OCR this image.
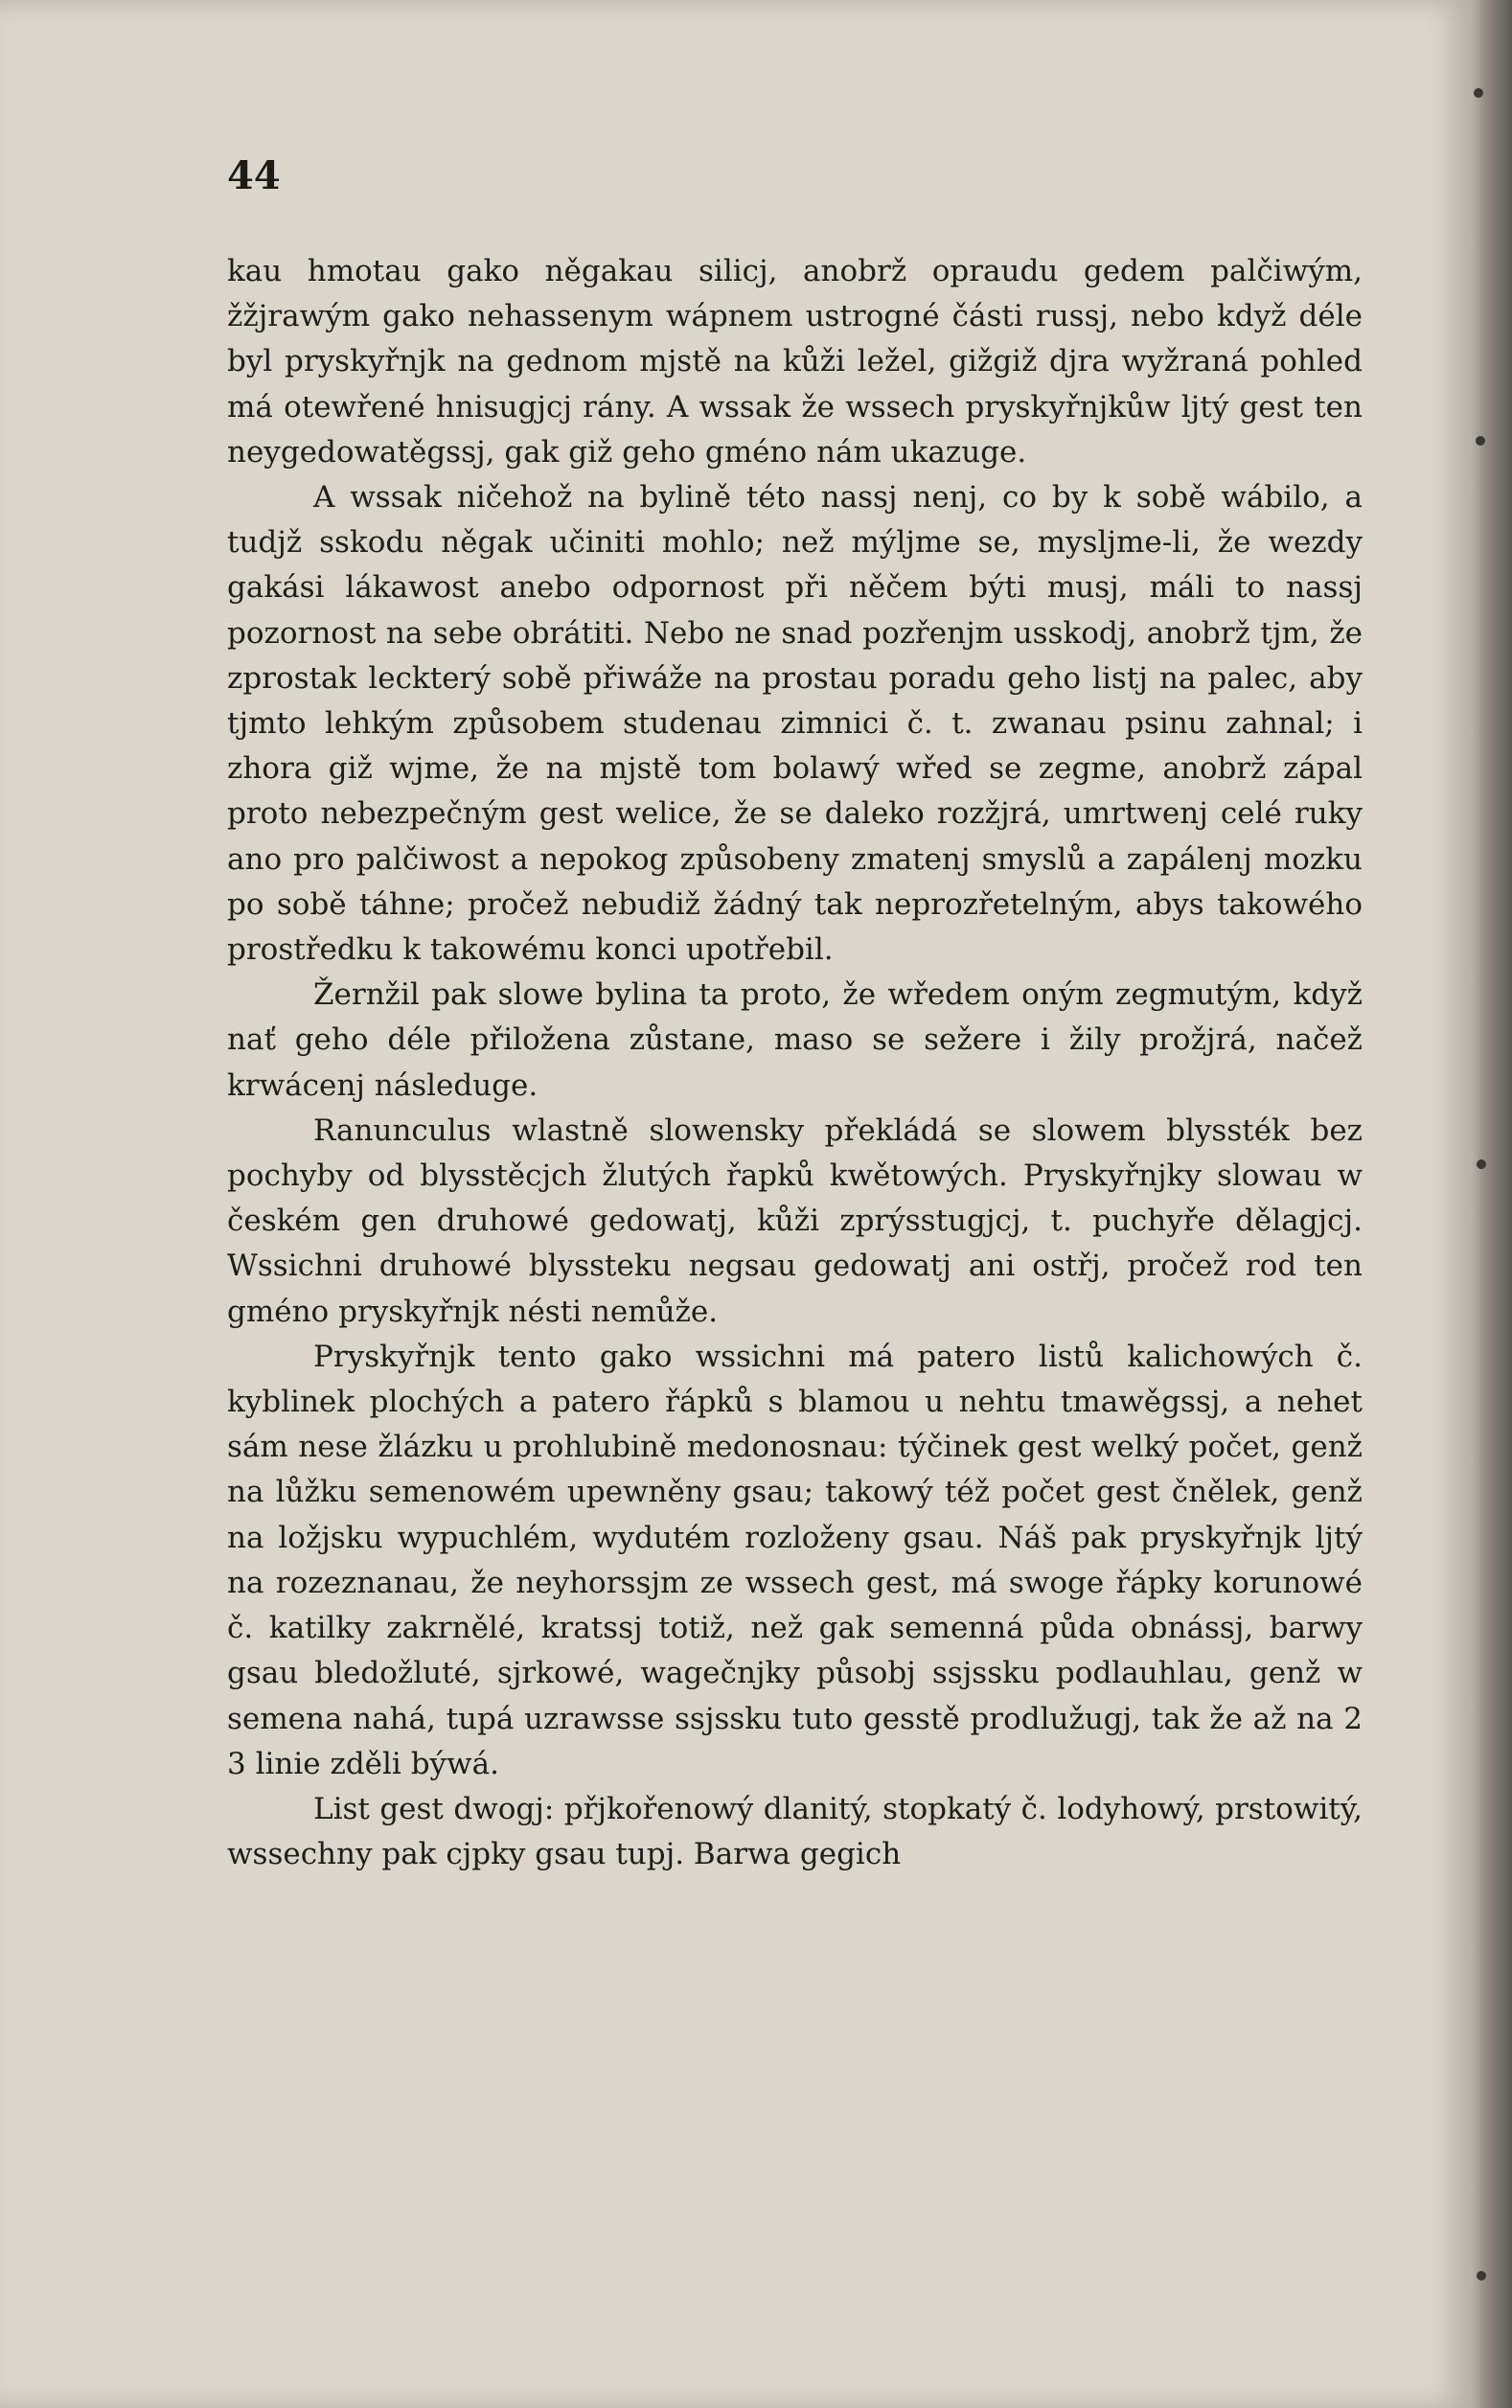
44

kau hmotau gako něgakau silicj, anobrž opraudu gedem palčiwým, žžjrawým gako nehassenym wápnem ustrogné části russj, nebo když déle byl pryskyřnjk na gednom mjstě na kůži ležel, gižgiž djra wyžraná pohled má otewřené hnisugjcj rány. A wssak že wssech pryskyřnjkůw ljtý gest ten neygedowatěgssj, gak giž geho gméno nám ukazuge.

A wssak ničehož na bylině této nassj nenj, co by k sobě wábilo, a tudjž sskodu něgak učiniti mohlo; než mýljme se, mysljme-li, že wezdy gakási lákawost anebo odpornost při něčem býti musj, máli to nassj pozornost na sebe obrátiti. Nebo ne snad pozřenjm usskodj, anobrž tjm, že zprostak leckterý sobě přiwáže na prostau poradu geho listj na palec, aby tjmto lehkým způsobem studenau zimnici č. t. zwanau psinu zahnal; i zhora giž wjme, že na mjstě tom bolawý wřed se zegme, anobrž zápal proto nebezpečným gest welice, že se daleko rozžjrá, umrtwenj celé ruky ano pro palčiwost a nepokog způsobeny zmatenj smyslů a zapálenj mozku po sobě táhne; pročež nebudiž žádný tak neprozřetelným, abys takowého prostředku k takowému konci upotřebil.

Žernžil pak slowe bylina ta proto, že wředem oným zegmutým, když nať geho déle přiložena zůstane, maso se sežere i žily prožjrá, načež krwácenj následuge.

Ranunculus wlastně slowensky překládá se slowem blyssték bez pochyby od blysstěcjch žlutých řapků kwětowých. Pryskyřnjky slowau w českém gen druhowé gedowatj, kůži zprýsstugjcj, t. puchyře dělagjcj. Wssichni druhowé blyssteku negsau gedowatj ani ostřj, pročež rod ten gméno pryskyřnjk nésti nemůže.

Pryskyřnjk tento gako wssichni má patero listů kalichowých č. kyblinek plochých a patero řápků s blamou u nehtu tmawěgssj, a nehet sám nese žlázku u prohlubině medonosnau: týčinek gest welký počet, genž na lůžku semenowém upewněny gsau; takowý též počet gest čnělek, genž na ložjsku wypuchlém, wydutém rozloženy gsau. Náš pak pryskyřnjk ljtý na rozeznanau, že neyhorssjm ze wssech gest, má swoge řápky korunowé č. katilky zakrnělé, kratssj totiž, než gak semenná půda obnássj, barwy gsau bledožluté, sjrkowé, wagečnjky působj ssjssku podlauhlau, genž w semena nahá, tupá uzrawsse ssjssku tuto gesstě prodlužugj, tak že až na 2 3 linie zděli býwá.

List gest dwogj: přjkořenowý dlanitý, stopkatý č. lodyhowý, prstowitý, wssechny pak cjpky gsau tupj. Barwa gegich
